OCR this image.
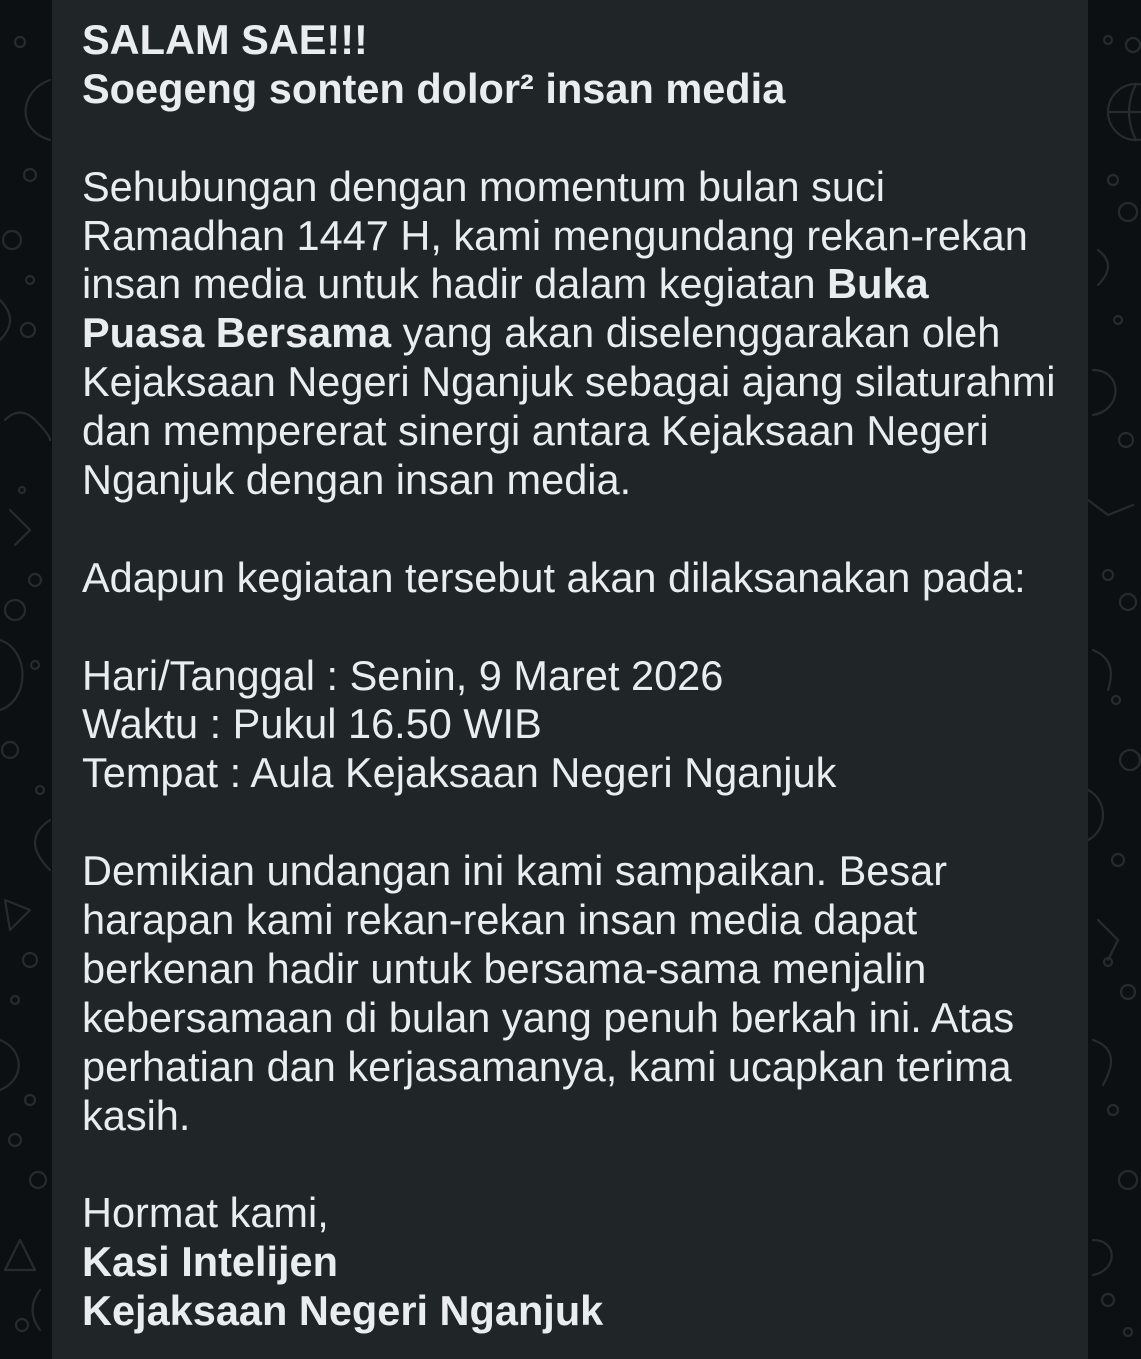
SALAM SAE!!!
Soegeng sonten dolor² insan media
Sehubungan dengan momentum bulan suci
Ramadhan 1447 H, kami mengundang rekan-rekan
insan media untuk hadir dalam kegiatan Buka
Puasa Bersama yang akan diselenggarakan oleh
Kejaksaan Negeri Nganjuk sebagai ajang silaturahmi
dan mempererat sinergi antara Kejaksaan Negeri
Nganjuk dengan insan media.
Adapun kegiatan tersebut akan dilaksanakan pada:
Hari/Tanggal : Senin, 9 Maret 2026
Waktu : Pukul 16.50 WIB
Tempat : Aula Kejaksaan Negeri Nganjuk
Demikian undangan ini kami sampaikan. Besar
harapan kami rekan-rekan insan media dapat
berkenan hadir untuk bersama-sama menjalin
kebersamaan di bulan yang penuh berkah ini. Atas
perhatian dan kerjasamanya, kami ucapkan terima
kasih.
Hormat kami,
Kasi Intelijen
Kejaksaan Negeri Nganjuk
